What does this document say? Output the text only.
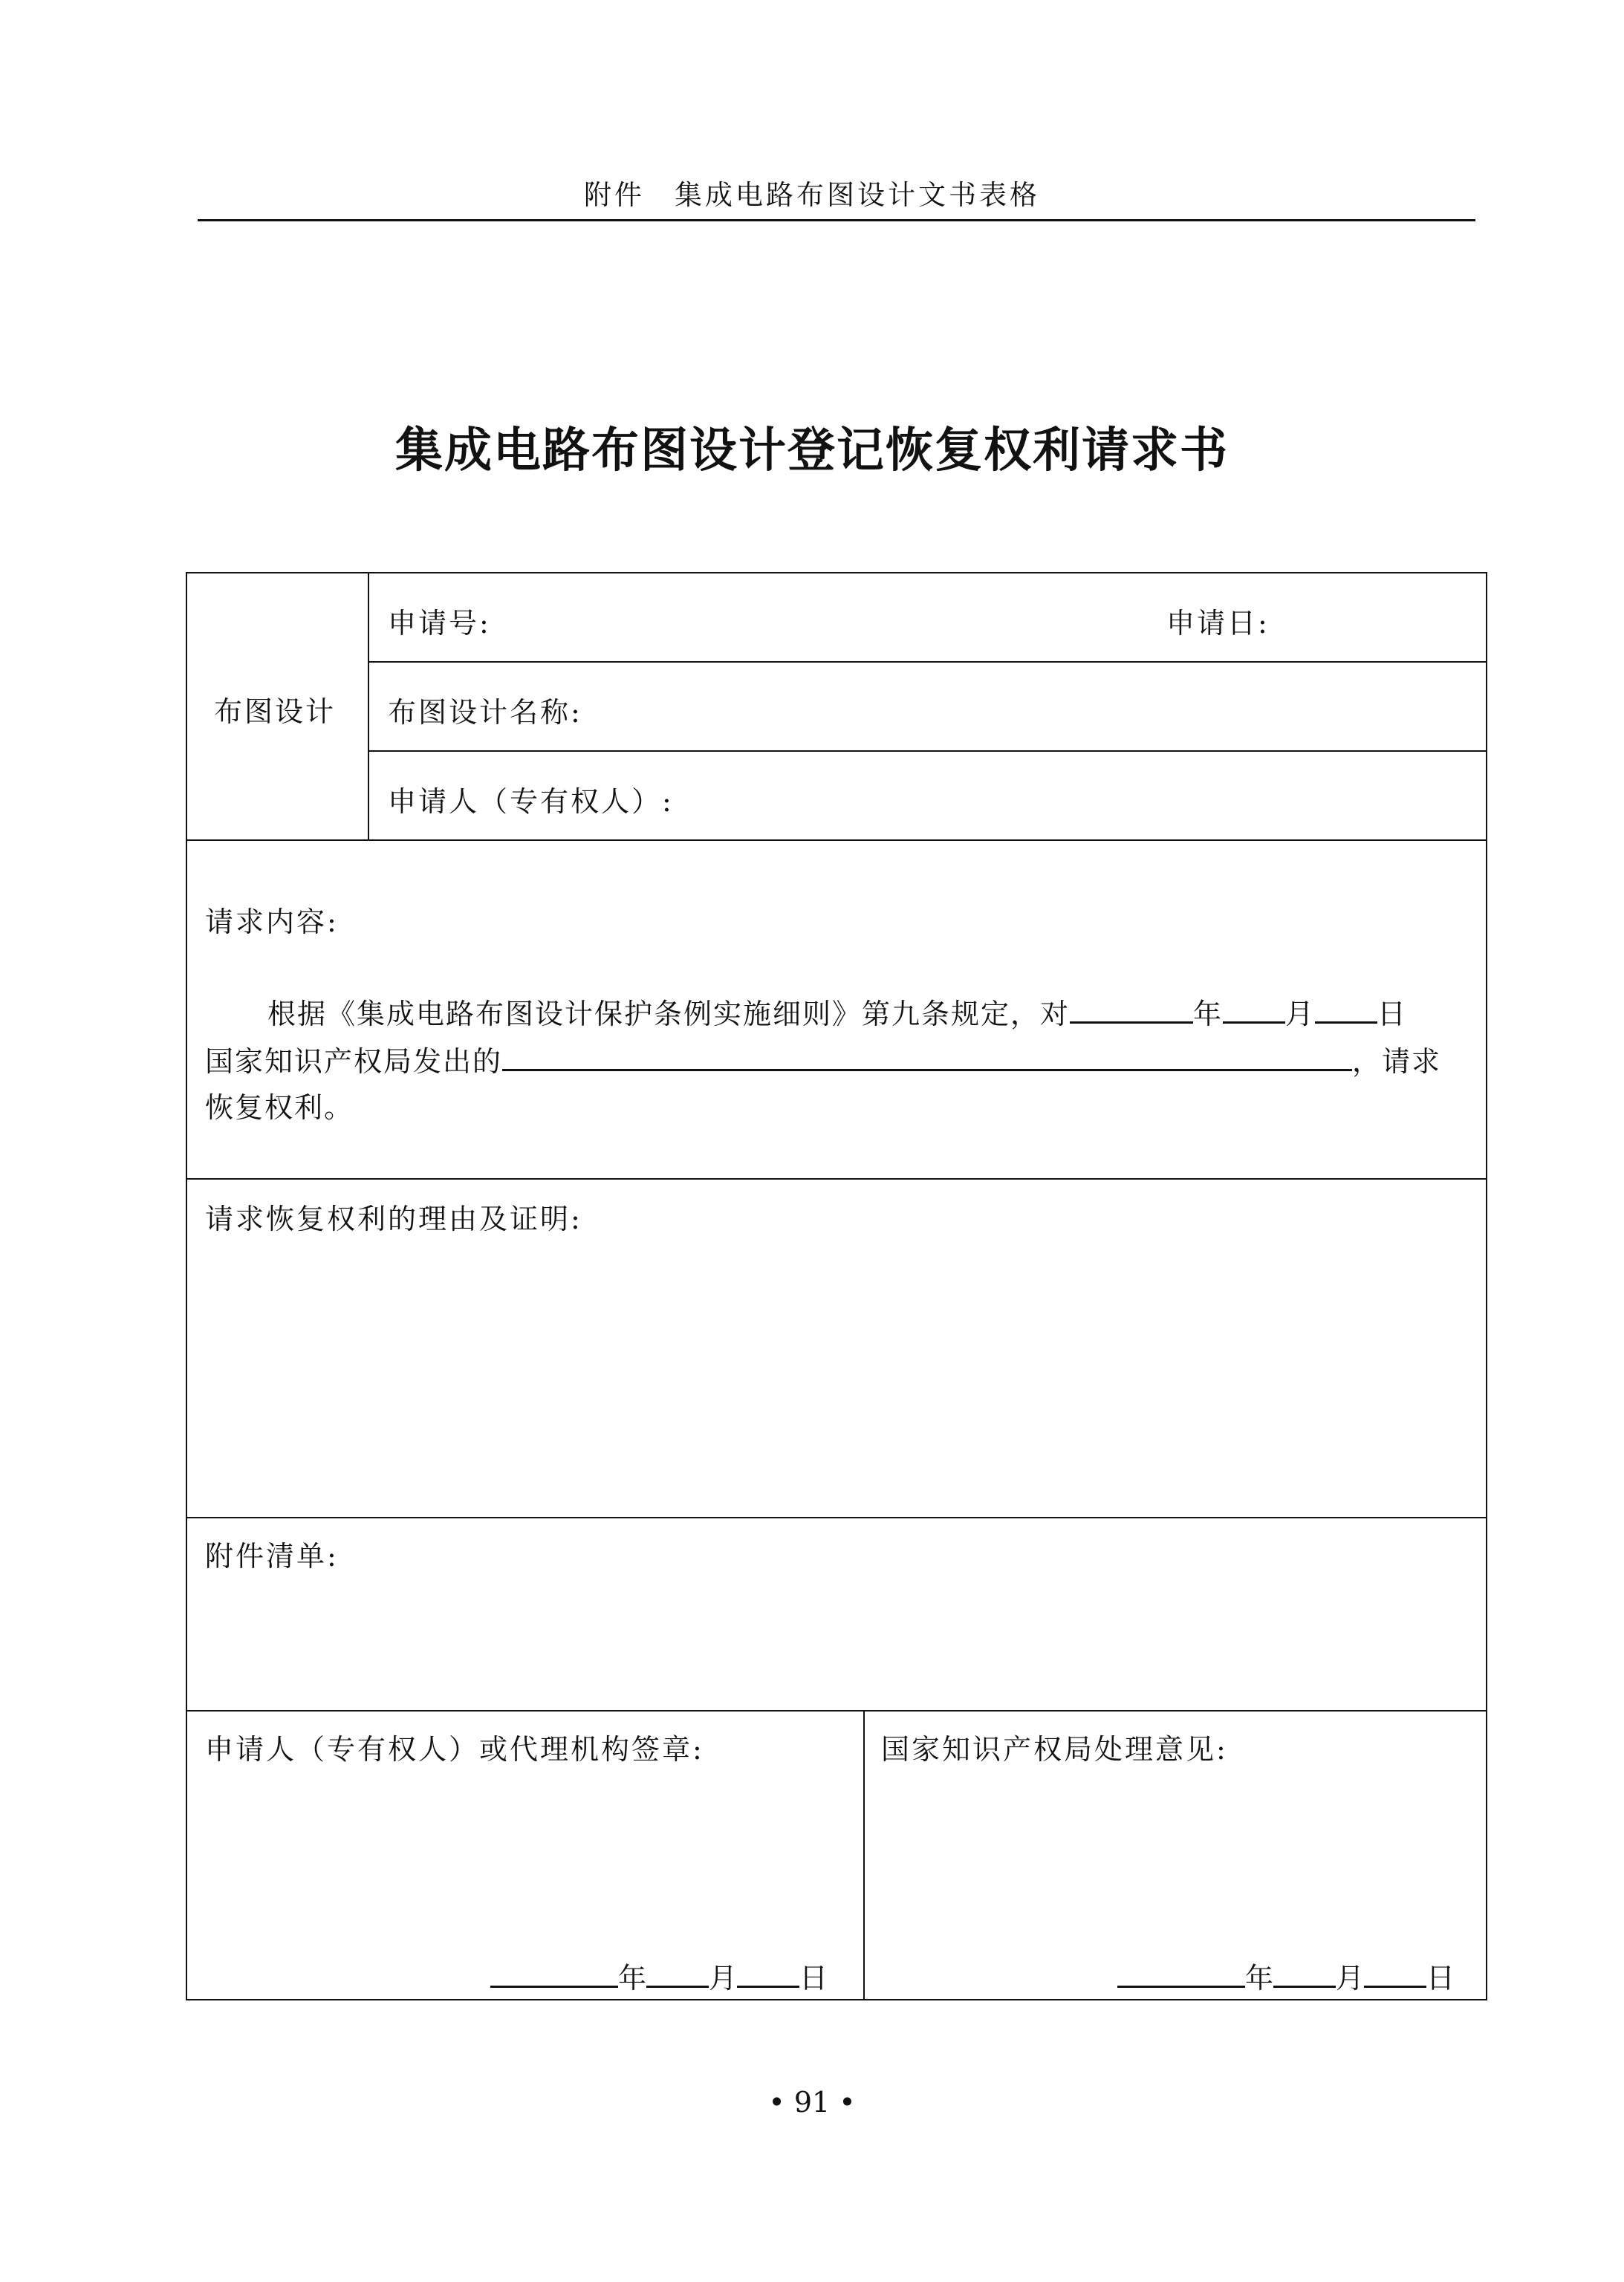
附件 集成电路布图设计文书表格
集成电路布图设计登记恢复权利请求书
布图设计
申请号:	申请日:
布图设计名称:
申请人（专有权人）:
请求内容:
根据《集成电路布图设计保护条例实施细则》第九条规定，对	年 月 日
国家知识产权局发出的	，请求
恢复权利。
请求恢复权利的理由及证明:
附件清单:
申请人（专有权人）或代理机构签章:	国家知识产权局处理意见:
年 月 日	年 月 日
• 91 •
